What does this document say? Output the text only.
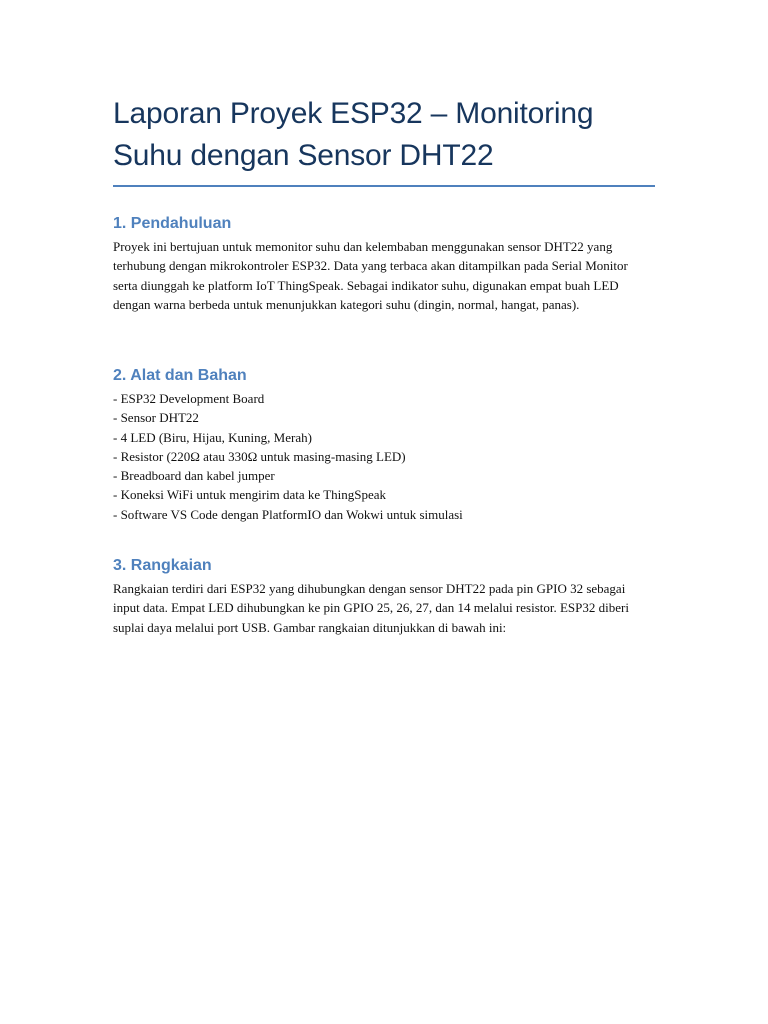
Laporan Proyek ESP32 – Monitoring Suhu dengan Sensor DHT22
1. Pendahuluan

Proyek ini bertujuan untuk memonitor suhu dan kelembaban menggunakan sensor DHT22 yang terhubung dengan mikrokontroler ESP32. Data yang terbaca akan ditampilkan pada Serial Monitor serta diunggah ke platform IoT ThingSpeak. Sebagai indikator suhu, digunakan empat buah LED dengan warna berbeda untuk menunjukkan kategori suhu (dingin, normal, hangat, panas).

2. Alat dan Bahan
- ESP32 Development Board
- Sensor DHT22
- 4 LED (Biru, Hijau, Kuning, Merah)
- Resistor (220Ω atau 330Ω untuk masing-masing LED)
- Breadboard dan kabel jumper
- Koneksi WiFi untuk mengirim data ke ThingSpeak
- Software VS Code dengan PlatformIO dan Wokwi untuk simulasi
3. Rangkaian

Rangkaian terdiri dari ESP32 yang dihubungkan dengan sensor DHT22 pada pin GPIO 32 sebagai input data. Empat LED dihubungkan ke pin GPIO 25, 26, 27, dan 14 melalui resistor. ESP32 diberi suplai daya melalui port USB. Gambar rangkaian ditunjukkan di bawah ini:
